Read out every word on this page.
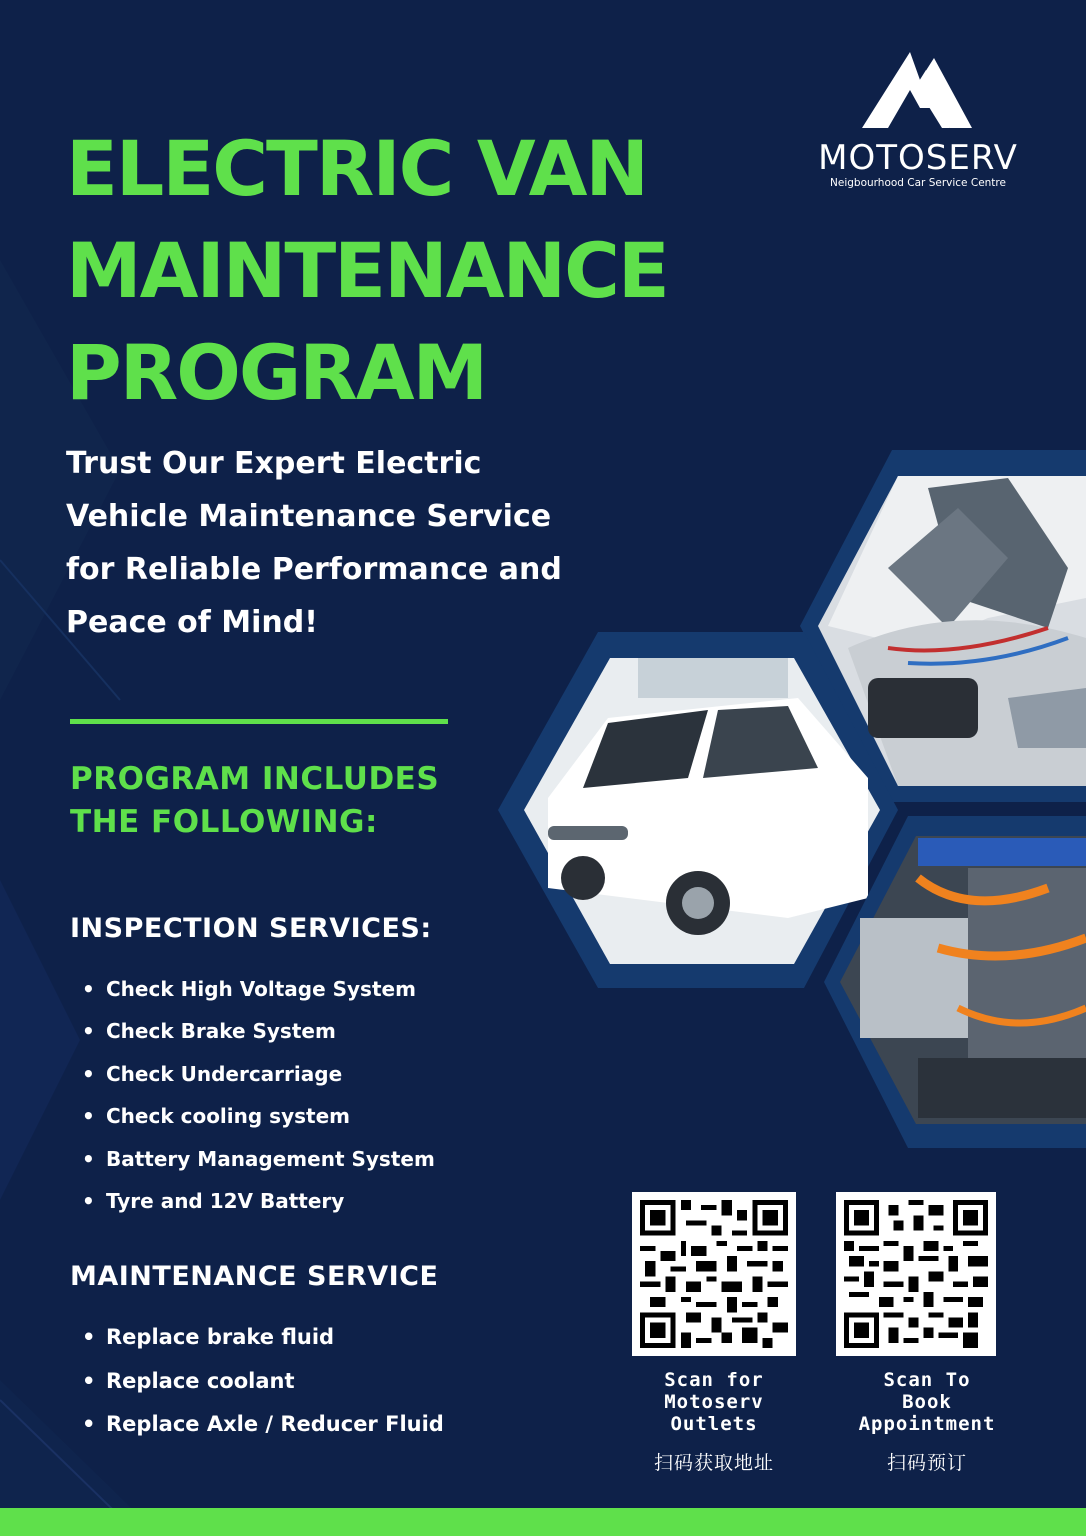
ELECTRIC VAN
MAINTENANCE
PROGRAM
MOTOSERV
Neigbourhood Car Service Centre
Trust Our Expert Electric Vehicle Maintenance Service for Reliable Performance and Peace of Mind!
PROGRAM INCLUDES
THE FOLLOWING:
INSPECTION SERVICES:
• Check High Voltage System
• Check Brake System
• Check Undercarriage
• Check cooling system
• Battery Management System
• Tyre and 12V Battery
MAINTENANCE SERVICE
• Replace brake fluid
• Replace coolant
• Replace Axle / Reducer Fluid
Scan for
Motoserv
Outlets
扫码获取地址
Scan To
Book
Appointment
扫码预订
